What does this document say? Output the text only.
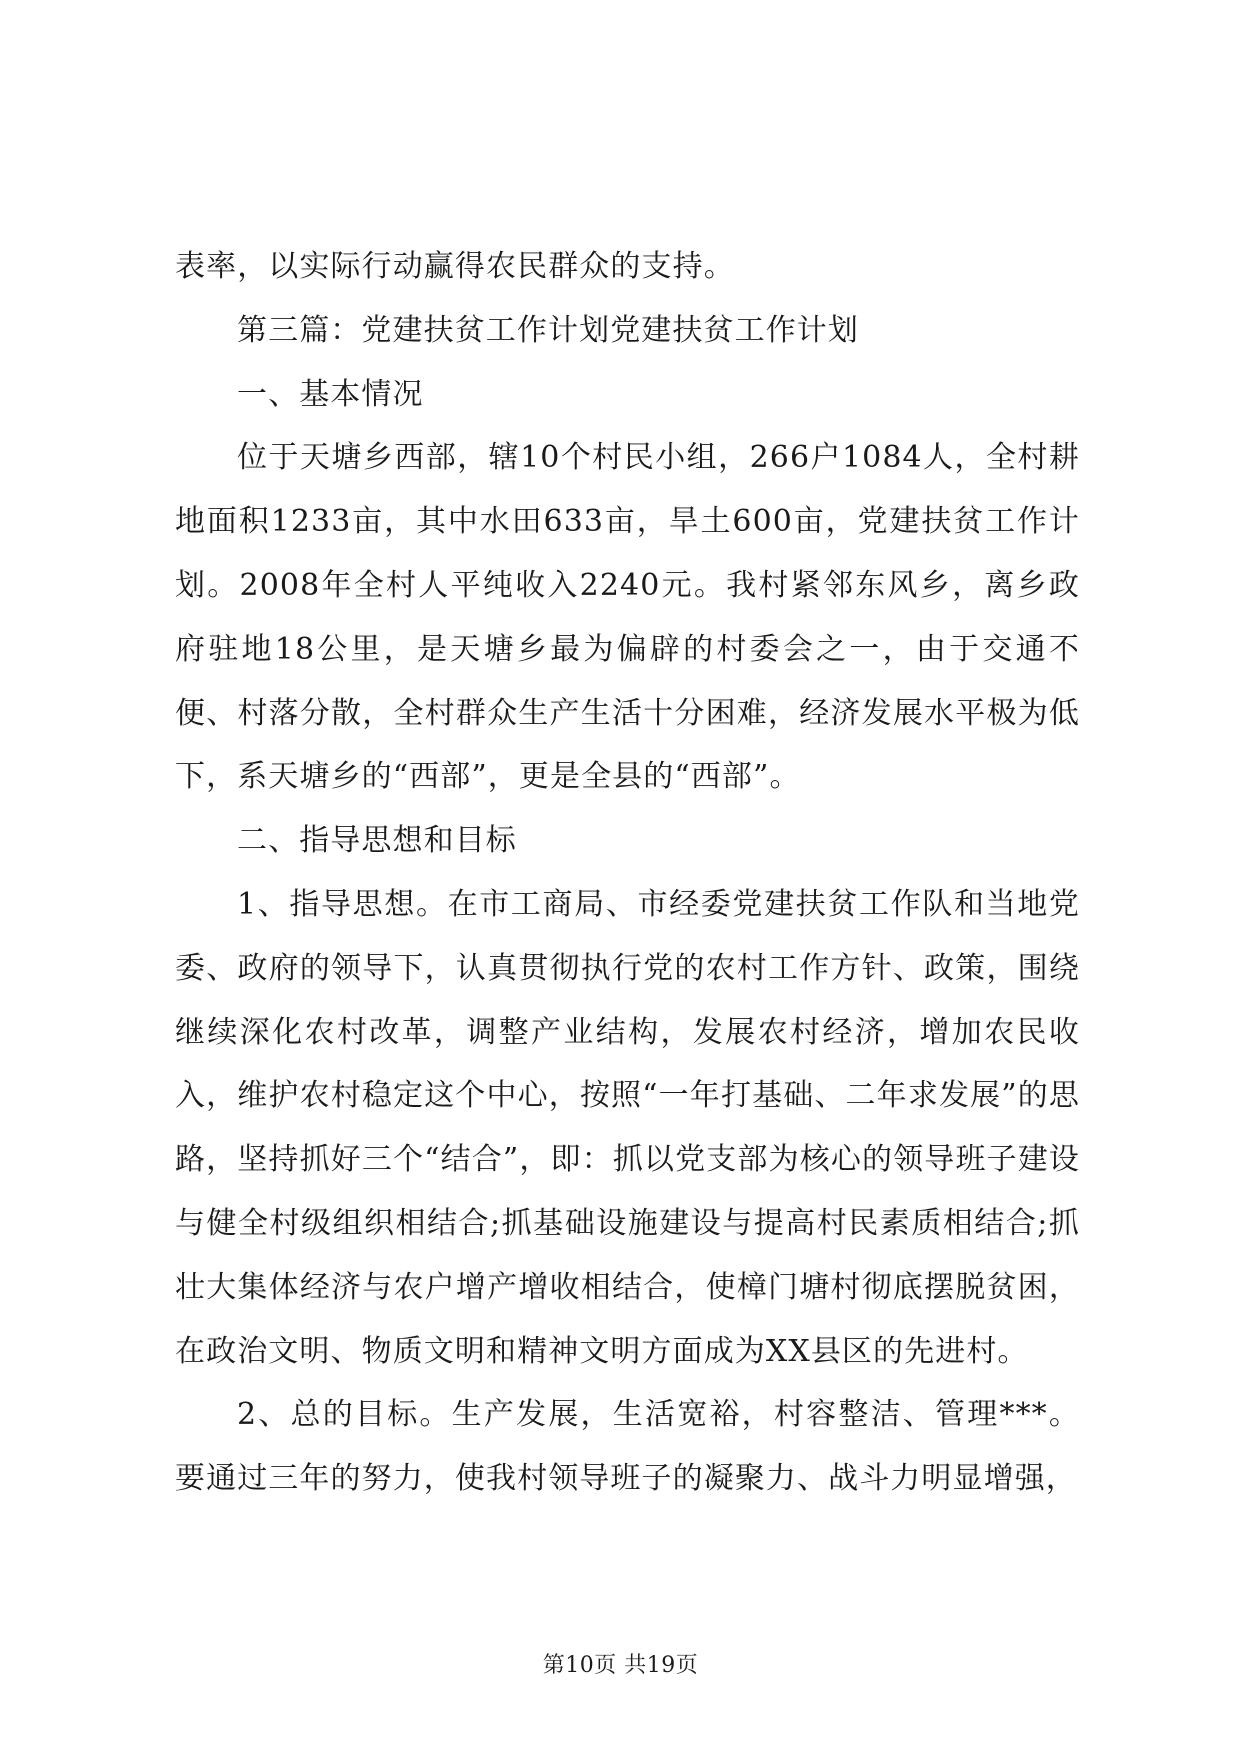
表率，以实际行动赢得农民群众的支持。

第三篇：党建扶贫工作计划党建扶贫工作计划

一、基本情况

位于天塘乡西部，辖10个村民小组，266户1084人，全村耕地面积1233亩，其中水田633亩，旱土600亩，党建扶贫工作计划。2008年全村人平纯收入2240元。我村紧邻东风乡，离乡政府驻地18公里，是天塘乡最为偏辟的村委会之一，由于交通不便、村落分散，全村群众生产生活十分困难，经济发展水平极为低下，系天塘乡的“西部”，更是全县的“西部”。

二、指导思想和目标

1、指导思想。在市工商局、市经委党建扶贫工作队和当地党委、政府的领导下，认真贯彻执行党的农村工作方针、政策，围绕继续深化农村改革，调整产业结构，发展农村经济，增加农民收入，维护农村稳定这个中心，按照“一年打基础、二年求发展”的思路，坚持抓好三个“结合”，即：抓以党支部为核心的领导班子建设与健全村级组织相结合;抓基础设施建设与提高村民素质相结合;抓壮大集体经济与农户增产增收相结合，使樟门塘村彻底摆脱贫困，在政治文明、物质文明和精神文明方面成为XX县区的先进村。

2、总的目标。生产发展，生活宽裕，村容整洁、管理***。要通过三年的努力，使我村领导班子的凝聚力、战斗力明显增强，

第10页 共19页
